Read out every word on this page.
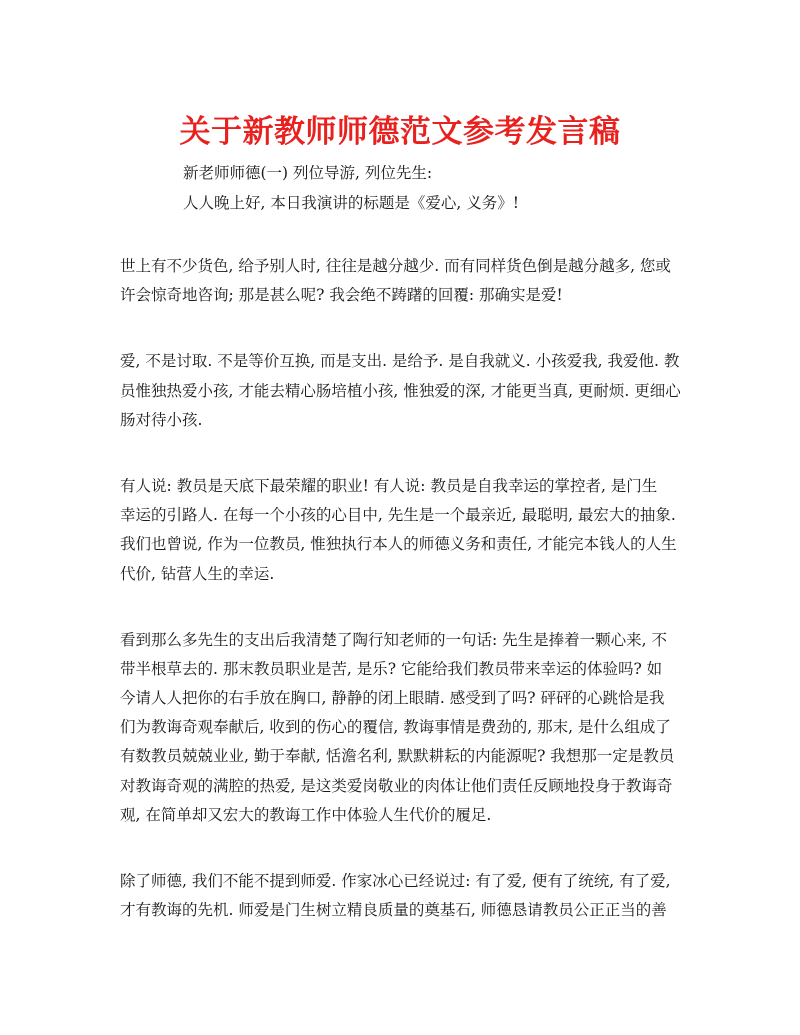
关于新教师师德范文参考发言稿
新老师师德(一) 列位导游, 列位先生:
人人晚上好, 本日我演讲的标题是《爱心, 义务》!
世上有不少货色, 给予别人时, 往往是越分越少. 而有同样货色倒是越分越多, 您或
许会惊奇地咨询; 那是甚么呢? 我会绝不踌躇的回覆: 那确实是爱!
爱, 不是讨取. 不是等价互换, 而是支出. 是给予. 是自我就义. 小孩爱我, 我爱他. 教
员惟独热爱小孩, 才能去精心肠培植小孩, 惟独爱的深, 才能更当真, 更耐烦. 更细心
肠对待小孩.
有人说: 教员是天底下最荣耀的职业! 有人说: 教员是自我幸运的掌控者, 是门生
幸运的引路人. 在每一个小孩的心目中, 先生是一个最亲近, 最聪明, 最宏大的抽象.
我们也曾说, 作为一位教员, 惟独执行本人的师德义务和责任, 才能完本钱人的人生
代价, 钻营人生的幸运.
看到那么多先生的支出后我清楚了陶行知老师的一句话: 先生是捧着一颗心来, 不
带半根草去的. 那末教员职业是苦, 是乐? 它能给我们教员带来幸运的体验吗? 如
今请人人把你的右手放在胸口, 静静的闭上眼睛. 感受到了吗? 砰砰的心跳恰是我
们为教诲奇观奉献后, 收到的伤心的覆信, 教诲事情是费劲的, 那末, 是什么组成了
有数教员兢兢业业, 勤于奉献, 恬澹名利, 默默耕耘的内能源呢? 我想那一定是教员
对教诲奇观的满腔的热爱, 是这类爱岗敬业的肉体让他们责任反顾地投身于教诲奇
观, 在简单却又宏大的教诲工作中体验人生代价的履足.
除了师德, 我们不能不提到师爱. 作家冰心已经说过: 有了爱, 便有了统统, 有了爱,
才有教诲的先机. 师爱是门生树立精良质量的奠基石, 师德恳请教员公正正当的善
